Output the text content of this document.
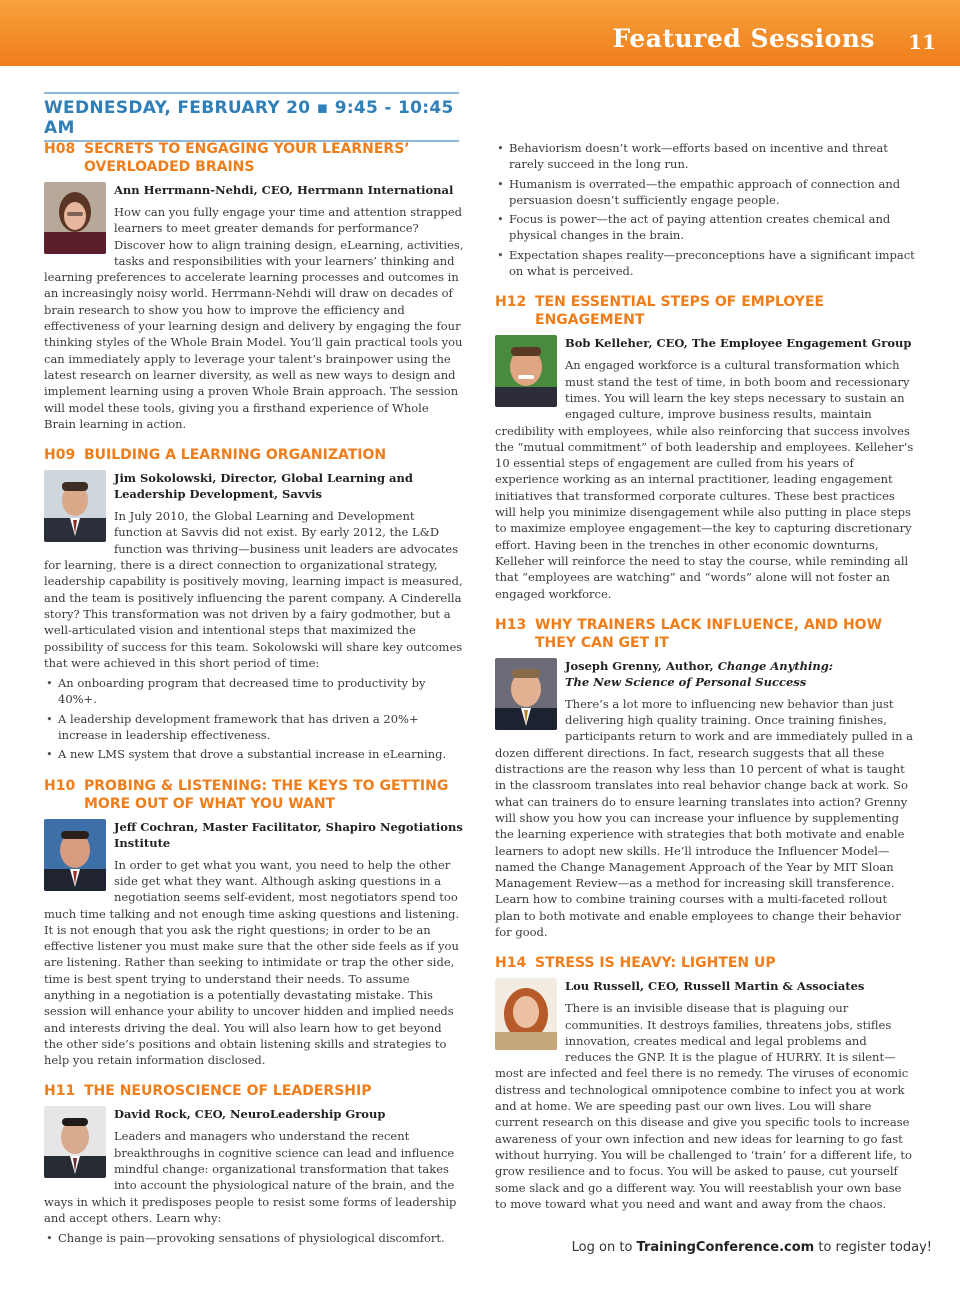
Featured Sessions 11
WEDNESDAY, FEBRUARY 20 ▪ 9:45 - 10:45 AM
H08 SECRETS TO ENGAGING YOUR LEARNERS’ OVERLOADED BRAINS
Ann Herrmann-Nehdi, CEO, Herrmann International

How can you fully engage your time and attention strapped learners to meet greater demands for performance? Discover how to align training design, eLearning, activities, tasks and responsibilities with your learners’ thinking and learning preferences to accelerate learning processes and outcomes in an increasingly noisy world. Herrmann-Nehdi will draw on decades of brain research to show you how to improve the efficiency and effectiveness of your learning design and delivery by engaging the four thinking styles of the Whole Brain Model. You’ll gain practical tools you can immediately apply to leverage your talent’s brainpower using the latest research on learner diversity, as well as new ways to design and implement learning using a proven Whole Brain approach. The session will model these tools, giving you a firsthand experience of Whole Brain learning in action.

H09 BUILDING A LEARNING ORGANIZATION
Jim Sokolowski, Director, Global Learning and Leadership Development, Savvis

In July 2010, the Global Learning and Development function at Savvis did not exist. By early 2012, the L&D function was thriving—business unit leaders are advocates for learning, there is a direct connection to organizational strategy, leadership capability is positively moving, learning impact is measured, and the team is positively influencing the parent company. A Cinderella story? This transformation was not driven by a fairy godmother, but a well-articulated vision and intentional steps that maximized the possibility of success for this team. Sokolowski will share key outcomes that were achieved in this short period of time:

• An onboarding program that decreased time to productivity by 40%+.
• A leadership development framework that has driven a 20%+ increase in leadership effectiveness.
• A new LMS system that drove a substantial increase in eLearning.
H10 PROBING & LISTENING: THE KEYS TO GETTING MORE OUT OF WHAT YOU WANT
Jeff Cochran, Master Facilitator, Shapiro Negotiations Institute

In order to get what you want, you need to help the other side get what they want. Although asking questions in a negotiation seems self-evident, most negotiators spend too much time talking and not enough time asking questions and listening. It is not enough that you ask the right questions; in order to be an effective listener you must make sure that the other side feels as if you are listening. Rather than seeking to intimidate or trap the other side, time is best spent trying to understand their needs. To assume anything in a negotiation is a potentially devastating mistake. This session will enhance your ability to uncover hidden and implied needs and interests driving the deal. You will also learn how to get beyond the other side’s positions and obtain listening skills and strategies to help you retain information disclosed.

H11 THE NEUROSCIENCE OF LEADERSHIP
David Rock, CEO, NeuroLeadership Group

Leaders and managers who understand the recent breakthroughs in cognitive science can lead and influence mindful change: organizational transformation that takes into account the physiological nature of the brain, and the ways in which it predisposes people to resist some forms of leadership and accept others. Learn why:

• Change is pain—provoking sensations of physiological discomfort.
• Behaviorism doesn’t work—efforts based on incentive and threat rarely succeed in the long run.
• Humanism is overrated—the empathic approach of connection and persuasion doesn’t sufficiently engage people.
• Focus is power—the act of paying attention creates chemical and physical changes in the brain.
• Expectation shapes reality—preconceptions have a significant impact on what is perceived.
H12 TEN ESSENTIAL STEPS OF EMPLOYEE ENGAGEMENT
Bob Kelleher, CEO, The Employee Engagement Group

An engaged workforce is a cultural transformation which must stand the test of time, in both boom and recessionary times. You will learn the key steps necessary to sustain an engaged culture, improve business results, maintain credibility with employees, while also reinforcing that success involves the “mutual commitment” of both leadership and employees. Kelleher’s 10 essential steps of engagement are culled from his years of experience working as an internal practitioner, leading engagement initiatives that transformed corporate cultures. These best practices will help you minimize disengagement while also putting in place steps to maximize employee engagement—the key to capturing discretionary effort. Having been in the trenches in other economic downturns, Kelleher will reinforce the need to stay the course, while reminding all that “employees are watching” and “words” alone will not foster an engaged workforce.

H13 WHY TRAINERS LACK INFLUENCE, AND HOW THEY CAN GET IT
Joseph Grenny, Author, Change Anything:
The New Science of Personal Success

There’s a lot more to influencing new behavior than just delivering high quality training. Once training finishes, participants return to work and are immediately pulled in a dozen different directions. In fact, research suggests that all these distractions are the reason why less than 10 percent of what is taught in the classroom translates into real behavior change back at work. So what can trainers do to ensure learning translates into action? Grenny will show you how you can increase your influence by supplementing the learning experience with strategies that both motivate and enable learners to adopt new skills. He’ll introduce the Influencer Model—named the Change Management Approach of the Year by MIT Sloan Management Review—as a method for increasing skill transference. Learn how to combine training courses with a multi-faceted rollout plan to both motivate and enable employees to change their behavior for good.

H14 STRESS IS HEAVY: LIGHTEN UP
Lou Russell, CEO, Russell Martin & Associates

There is an invisible disease that is plaguing our communities. It destroys families, threatens jobs, stifles innovation, creates medical and legal problems and reduces the GNP. It is the plague of HURRY. It is silent—most are infected and feel there is no remedy. The viruses of economic distress and technological omnipotence combine to infect you at work and at home. We are speeding past our own lives. Lou will share current research on this disease and give you specific tools to increase awareness of your own infection and new ideas for learning to go fast without hurrying. You will be challenged to ‘train’ for a different life, to grow resilience and to focus. You will be asked to pause, cut yourself some slack and go a different way. You will reestablish your own base to move toward what you need and want and away from the chaos.

Log on to TrainingConference.com to register today!
